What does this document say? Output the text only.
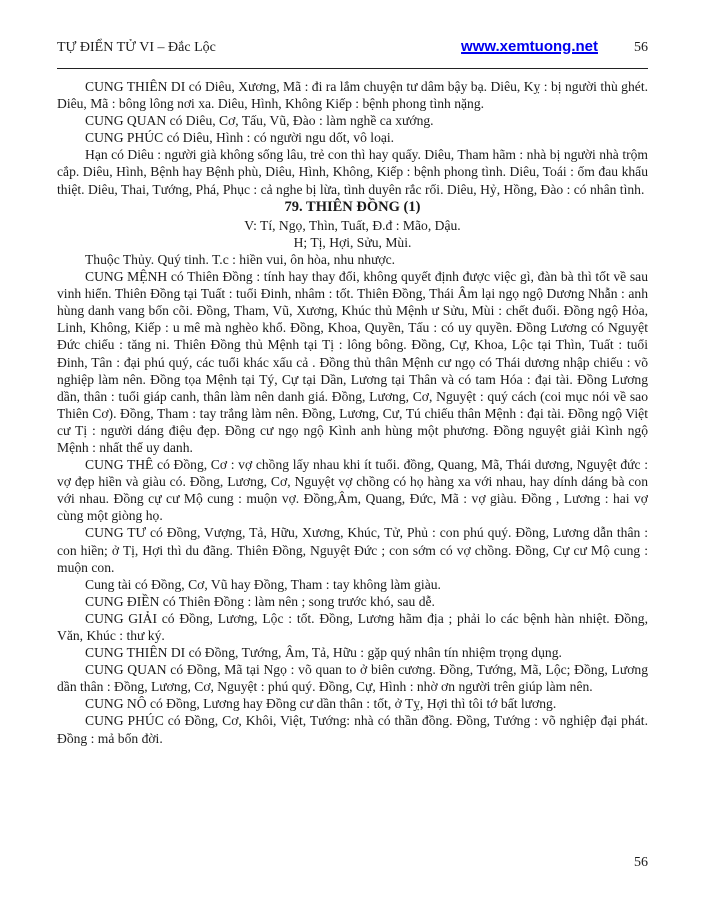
TỰ ĐIỂN TỬ VI – Đắc Lộc	www.xemtuong.net	56

CUNG THIÊN DI có Diêu, Xương, Mã : đi ra lắm chuyện tư dâm bậy bạ. Diêu, Kỵ : bị người thù ghét. Diêu, Mã : bông lông nơi xa. Diêu, Hình, Không Kiếp : bệnh phong tình nặng.

CUNG QUAN có Diêu, Cơ, Tấu, Vũ, Đào : làm nghề ca xướng.

CUNG PHÚC có Diêu, Hình : có người ngu dốt, vô loại.

Hạn có Diêu : người già không sống lâu, trẻ con thì hay quấy. Diêu, Tham hãm : nhà bị người nhà trộm cắp. Diêu, Hình, Bệnh hay Bệnh phù, Diêu, Hình, Không, Kiếp : bệnh phong tình. Diêu, Toái : ốm đau khẩu thiệt. Diêu, Thai, Tướng, Phá, Phục : cả nghe bị lừa, tình duyên rắc rối. Diêu, Hỷ, Hồng, Đào : có nhân tình.

79. THIÊN ĐỒNG (1)

V: Tí, Ngọ, Thìn, Tuất, Đ.đ : Mão, Dậu.

H; Tị, Hợi, Sửu, Mùi.

Thuộc Thủy. Quý tinh. T.c : hiền vui, ôn hòa, nhu nhược.

CUNG MỆNH có Thiên Đồng : tính hay thay đổi, không quyết định được việc gì, đàn bà thì tốt về sau vinh hiển. Thiên Đồng tại Tuất : tuổi Đinh, nhâm : tốt. Thiên Đồng, Thái Âm lại ngọ ngộ Dương Nhẫn : anh hùng danh vang bốn cõi. Đồng, Tham, Vũ, Xương, Khúc thủ Mệnh ư Sửu, Mùi : chết đuối. Đồng ngộ Hỏa, Linh, Không, Kiếp : u mê mà nghèo khổ. Đồng, Khoa, Quyền, Tấu : có uy quyền. Đồng Lương có Nguyệt Đức chiếu : tăng ni. Thiên Đồng thủ Mệnh tại Tị : lông bông. Đồng, Cự, Khoa, Lộc tại Thìn, Tuất : tuổi Đinh, Tân : đại phú quý, các tuổi khác xấu cả . Đồng thủ thân Mệnh cư ngọ có Thái dương nhập chiếu : võ nghiệp làm nên. Đồng tọa Mệnh tại Tý, Cự tại Dần, Lương tại Thân và có tam Hóa : đại tài. Đồng Lương dần, thân : tuổi giáp canh, thân làm nên danh giá. Đồng, Lương, Cơ, Nguyệt : quý cách (coi mục nói về sao Thiên Cơ). Đồng, Tham : tay trắng làm nên. Đồng, Lương, Cư, Tú chiếu thân Mệnh : đại tài. Đồng ngộ Việt cư Tị : người dáng điệu đẹp. Đồng cư ngọ ngộ Kình anh hùng một phương. Đồng nguyệt giải Kình ngộ Mệnh : nhất thế uy danh.

CUNG THÊ có Đồng, Cơ : vợ chồng lấy nhau khi ít tuổi. đồng, Quang, Mã, Thái dương, Nguyệt đức : vợ đẹp hiền và giàu có. Đồng, Lương, Cơ, Nguyệt vợ chồng có họ hàng xa với nhau, hay dính dáng bà con với nhau. Đồng cự cư Mộ cung : muộn vợ. Đồng,Âm, Quang, Đức, Mã : vợ giàu. Đồng , Lương : hai vợ cùng một giòng họ.

CUNG TƯ có Đồng, Vượng, Tả, Hữu, Xương, Khúc, Tử, Phủ : con phú quý. Đồng, Lương dẫn thân : con hiền; ở Tị, Hợi thì du đãng. Thiên Đồng, Nguyệt Đức ; con sớm có vợ chồng. Đồng, Cự cư Mộ cung : muộn con.

Cung tài có Đồng, Cơ, Vũ hay Đồng, Tham : tay không làm giàu.

CUNG ĐIỀN có Thiên Đồng : làm nên ; song trước khó, sau dễ.

CUNG GIẢI có Đồng, Lương, Lộc : tốt. Đồng, Lương hãm địa ; phải lo các bệnh hàn nhiệt. Đồng, Văn, Khúc : thư ký.

CUNG THIÊN DI có Đồng, Tướng, Âm, Tả, Hữu : gặp quý nhân tín nhiệm trọng dụng.

CUNG QUAN có Đồng, Mã tại Ngọ : võ quan to ở biên cương. Đồng, Tướng, Mã, Lộc; Đồng, Lương dần thân : Đồng, Lương, Cơ, Nguyệt : phú quý. Đồng, Cự, Hình : nhờ ơn người trên giúp làm nên.

CUNG NÔ có Đồng, Lương hay Đồng cư dần thân : tốt, ở Tỵ, Hợi thì tôi tớ bất lương.

CUNG PHÚC có Đồng, Cơ, Khôi, Việt, Tướng: nhà có thần đồng. Đồng, Tướng : võ nghiệp đại phát. Đồng : mả bốn đời.

56
